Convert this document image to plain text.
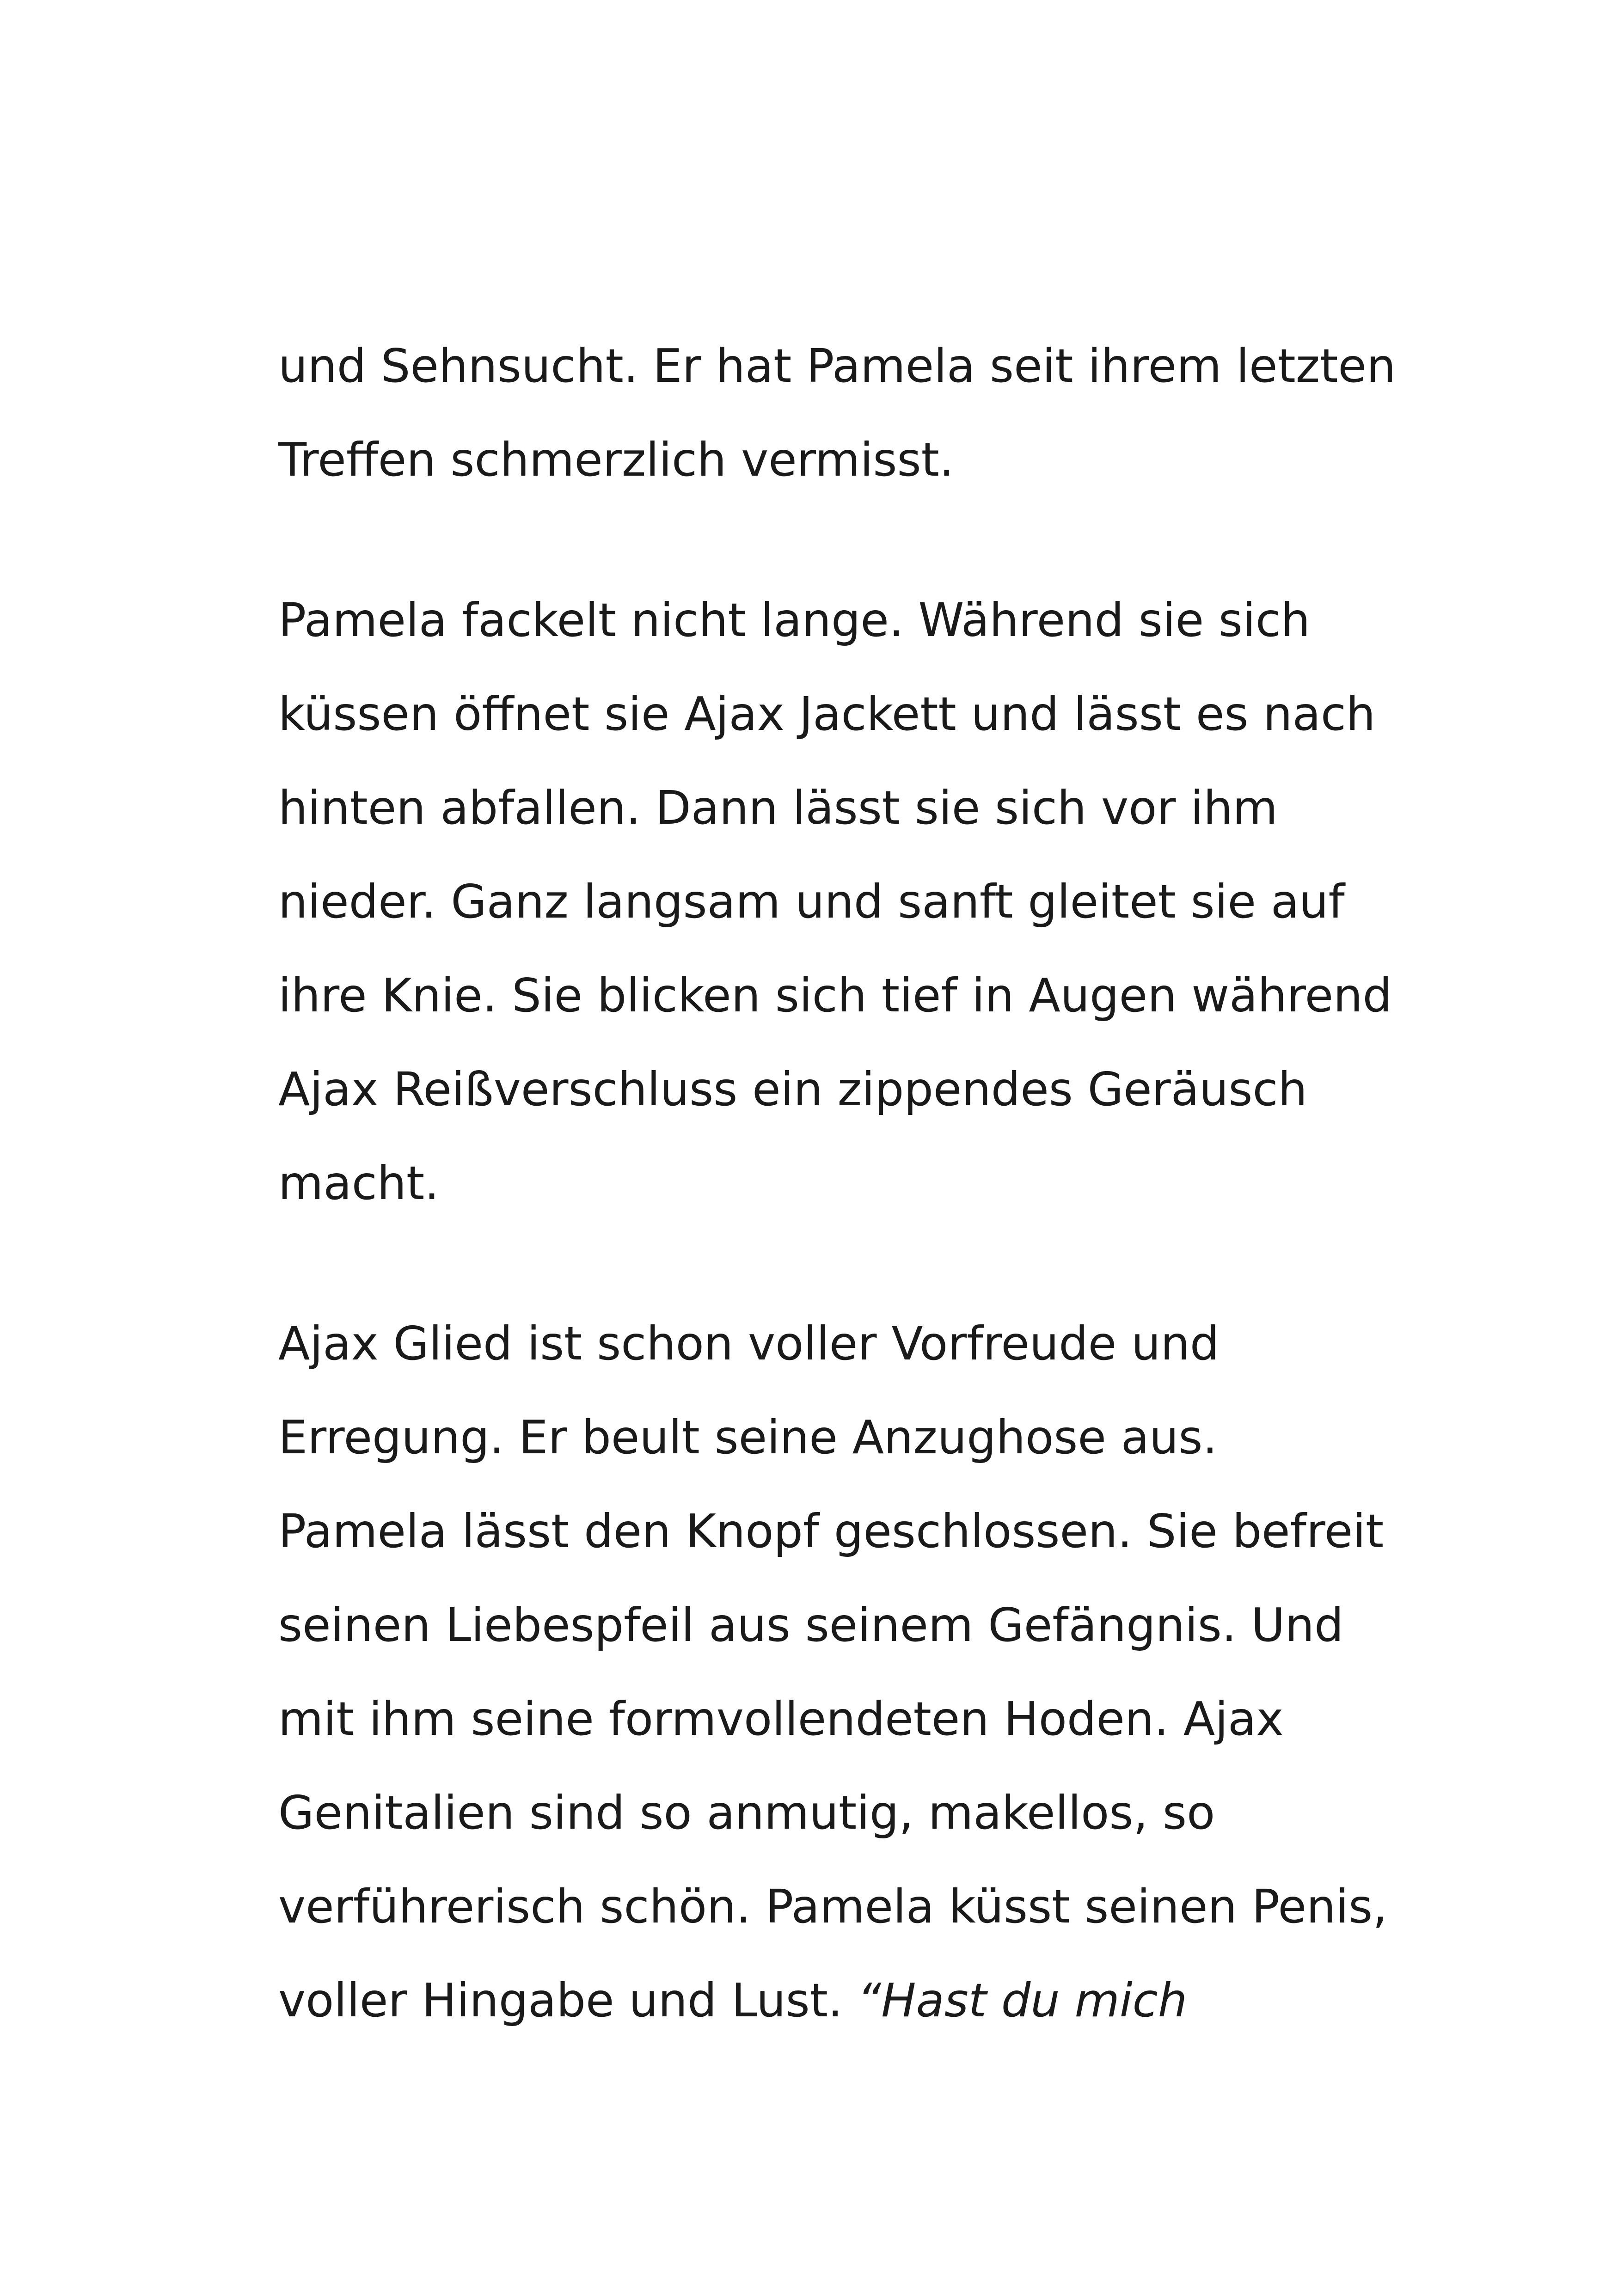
und Sehnsucht. Er hat Pamela seit ihrem letzten
Treffen schmerzlich vermisst.
Pamela fackelt nicht lange. Während sie sich
küssen öffnet sie Ajax Jackett und lässt es nach
hinten abfallen. Dann lässt sie sich vor ihm
nieder. Ganz langsam und sanft gleitet sie auf
ihre Knie. Sie blicken sich tief in Augen während
Ajax Reißverschluss ein zippendes Geräusch
macht.
Ajax Glied ist schon voller Vorfreude und
Erregung. Er beult seine Anzughose aus.
Pamela lässt den Knopf geschlossen. Sie befreit
seinen Liebespfeil aus seinem Gefängnis. Und
mit ihm seine formvollendeten Hoden. Ajax
Genitalien sind so anmutig, makellos, so
verführerisch schön. Pamela küsst seinen Penis,
voller Hingabe und Lust. “Hast du mich
